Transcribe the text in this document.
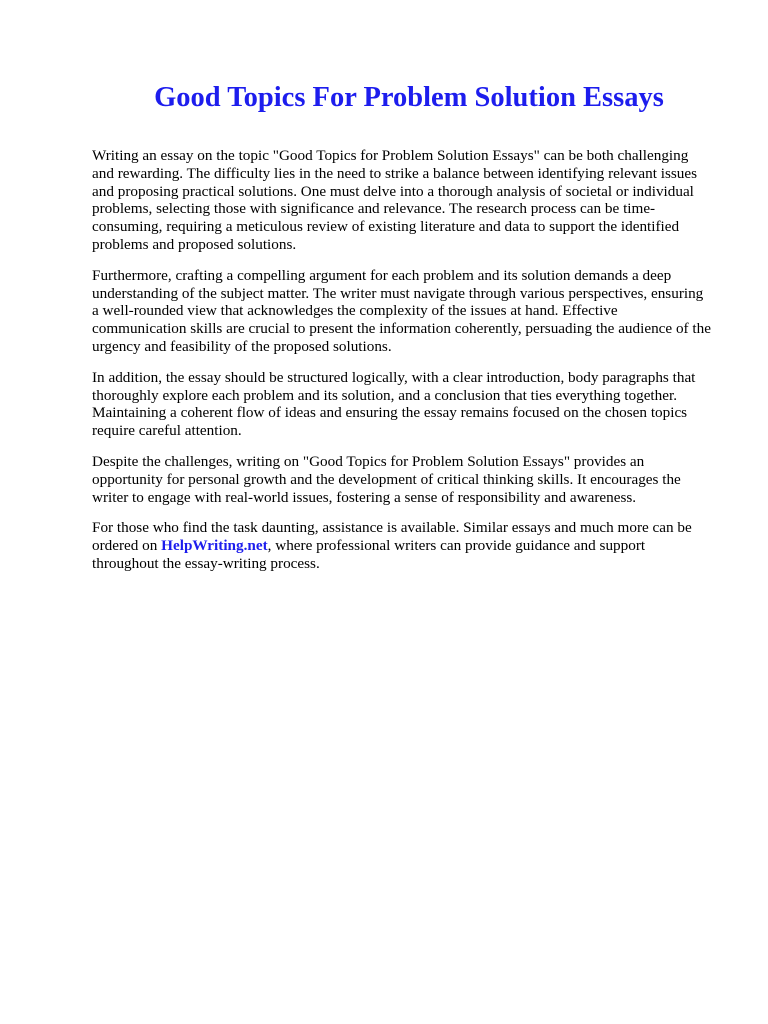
Good Topics For Problem Solution Essays

Writing an essay on the topic "Good Topics for Problem Solution Essays" can be both challenging
and rewarding. The difficulty lies in the need to strike a balance between identifying relevant issues
and proposing practical solutions. One must delve into a thorough analysis of societal or individual
problems, selecting those with significance and relevance. The research process can be time-
consuming, requiring a meticulous review of existing literature and data to support the identified
problems and proposed solutions.

Furthermore, crafting a compelling argument for each problem and its solution demands a deep
understanding of the subject matter. The writer must navigate through various perspectives, ensuring
a well-rounded view that acknowledges the complexity of the issues at hand. Effective
communication skills are crucial to present the information coherently, persuading the audience of the
urgency and feasibility of the proposed solutions.

In addition, the essay should be structured logically, with a clear introduction, body paragraphs that
thoroughly explore each problem and its solution, and a conclusion that ties everything together.
Maintaining a coherent flow of ideas and ensuring the essay remains focused on the chosen topics
require careful attention.

Despite the challenges, writing on "Good Topics for Problem Solution Essays" provides an
opportunity for personal growth and the development of critical thinking skills. It encourages the
writer to engage with real-world issues, fostering a sense of responsibility and awareness.

For those who find the task daunting, assistance is available. Similar essays and much more can be
ordered on HelpWriting.net, where professional writers can provide guidance and support
throughout the essay-writing process.
